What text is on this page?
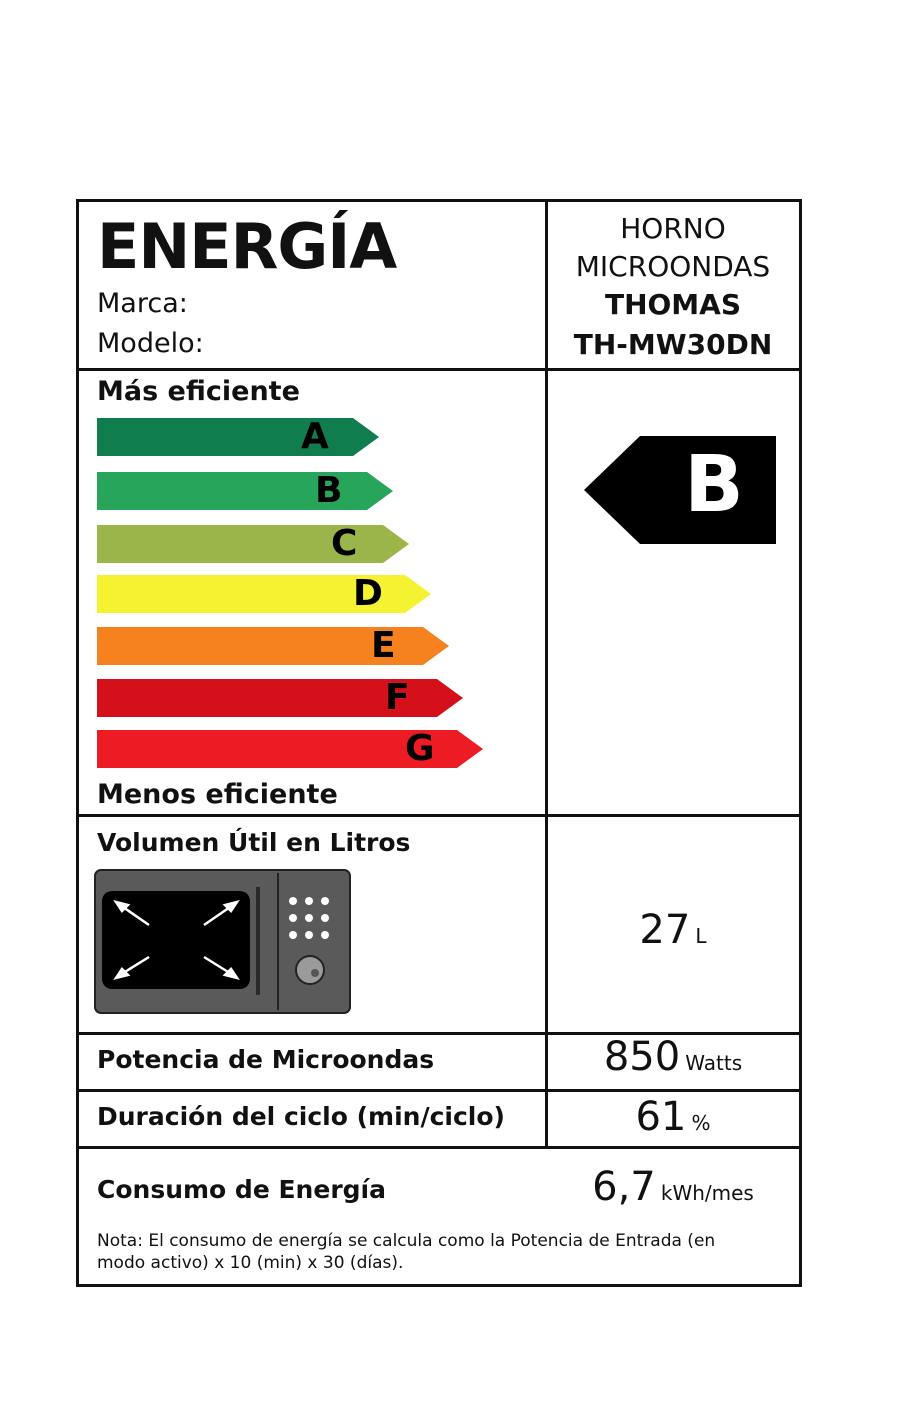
ENERGÍA
Marca:
Modelo:
HORNO
MICROONDAS
THOMAS
TH-MW30DN
Más eficiente
A
B
C
D
E
F
G
Menos eficiente
B
Volumen Útil en Litros
27 L
Potencia de Microondas	850 Watts
Duración del ciclo (min/ciclo)	61 %
Consumo de Energía	6,7 kWh/mes
Nota: El consumo de energía se calcula como la Potencia de Entrada (en modo activo) x 10 (min) x 30 (días).
